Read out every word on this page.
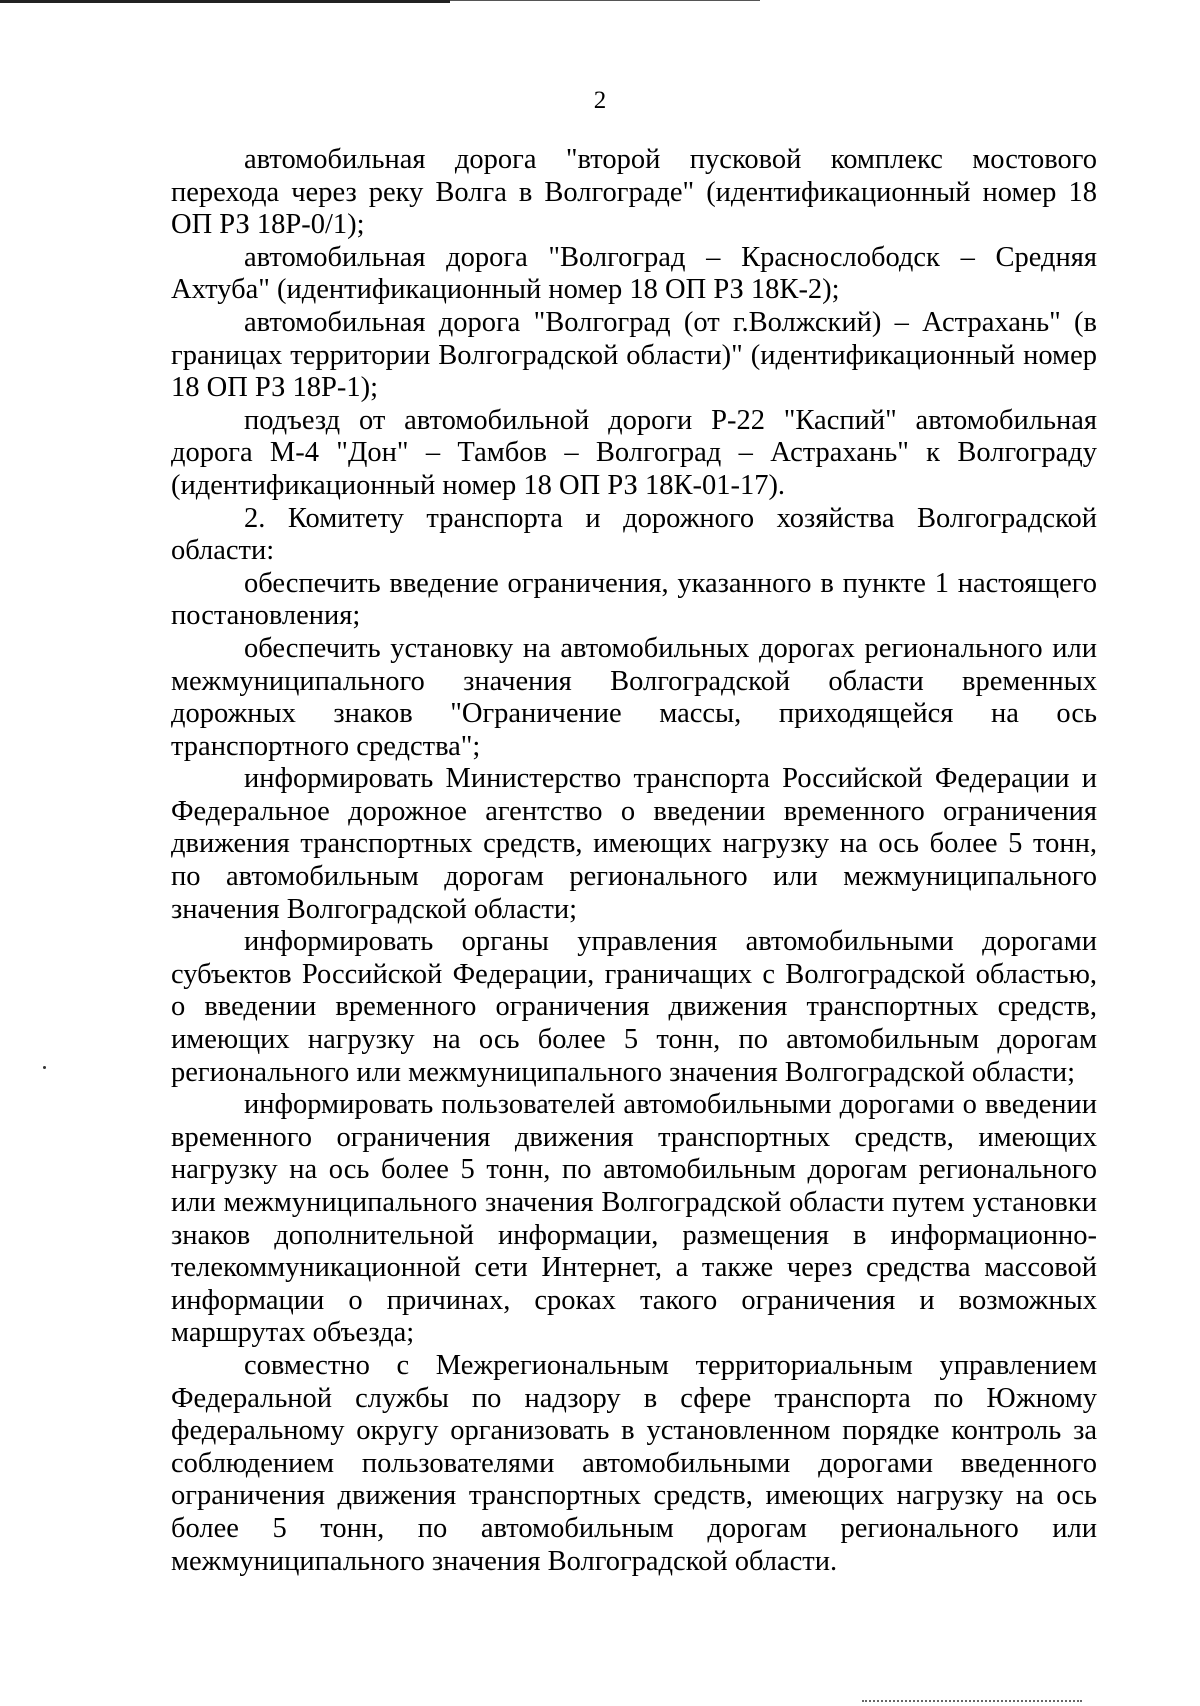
2

автомобильная дорога "второй пусковой комплекс мостового перехода через реку Волга в Волгограде" (идентификационный номер 18 ОП РЗ 18Р-0/1);

автомобильная дорога "Волгоград – Краснослободск – Средняя Ахтуба" (идентификационный номер 18 ОП РЗ 18К-2);

автомобильная дорога "Волгоград (от г.Волжский) – Астрахань" (в границах территории Волгоградской области)" (идентификационный номер 18 ОП РЗ 18Р-1);

подъезд от автомобильной дороги Р-22 "Каспий" автомобильная дорога М-4 "Дон" – Тамбов – Волгоград – Астрахань" к Волгограду (идентификационный номер 18 ОП РЗ 18К-01-17).

2. Комитету транспорта и дорожного хозяйства Волгоградской области:

обеспечить введение ограничения, указанного в пункте 1 настоящего постановления;

обеспечить установку на автомобильных дорогах регионального или межмуниципального значения Волгоградской области временных дорожных знаков "Ограничение массы, приходящейся на ось транспортного средства";

информировать Министерство транспорта Российской Федерации и Федеральное дорожное агентство о введении временного ограничения движения транспортных средств, имеющих нагрузку на ось более 5 тонн, по автомобильным дорогам регионального или межмуниципального значения Волгоградской области;

информировать органы управления автомобильными дорогами субъектов Российской Федерации, граничащих с Волгоградской областью, о введении временного ограничения движения транспортных средств, имеющих нагрузку на ось более 5 тонн, по автомобильным дорогам регионального или межмуниципального значения Волгоградской области;

информировать пользователей автомобильными дорогами о введении временного ограничения движения транспортных средств, имеющих нагрузку на ось более 5 тонн, по автомобильным дорогам регионального или межмуниципального значения Волгоградской области путем установки знаков дополнительной информации, размещения в информационно-телекоммуникационной сети Интернет, а также через средства массовой информации о причинах, сроках такого ограничения и возможных маршрутах объезда;

совместно с Межрегиональным территориальным управлением Федеральной службы по надзору в сфере транспорта по Южному федеральному округу организовать в установленном порядке контроль за соблюдением пользователями автомобильными дорогами введенного ограничения движения транспортных средств, имеющих нагрузку на ось более 5 тонн, по автомобильным дорогам регионального или межмуниципального значения Волгоградской области.
